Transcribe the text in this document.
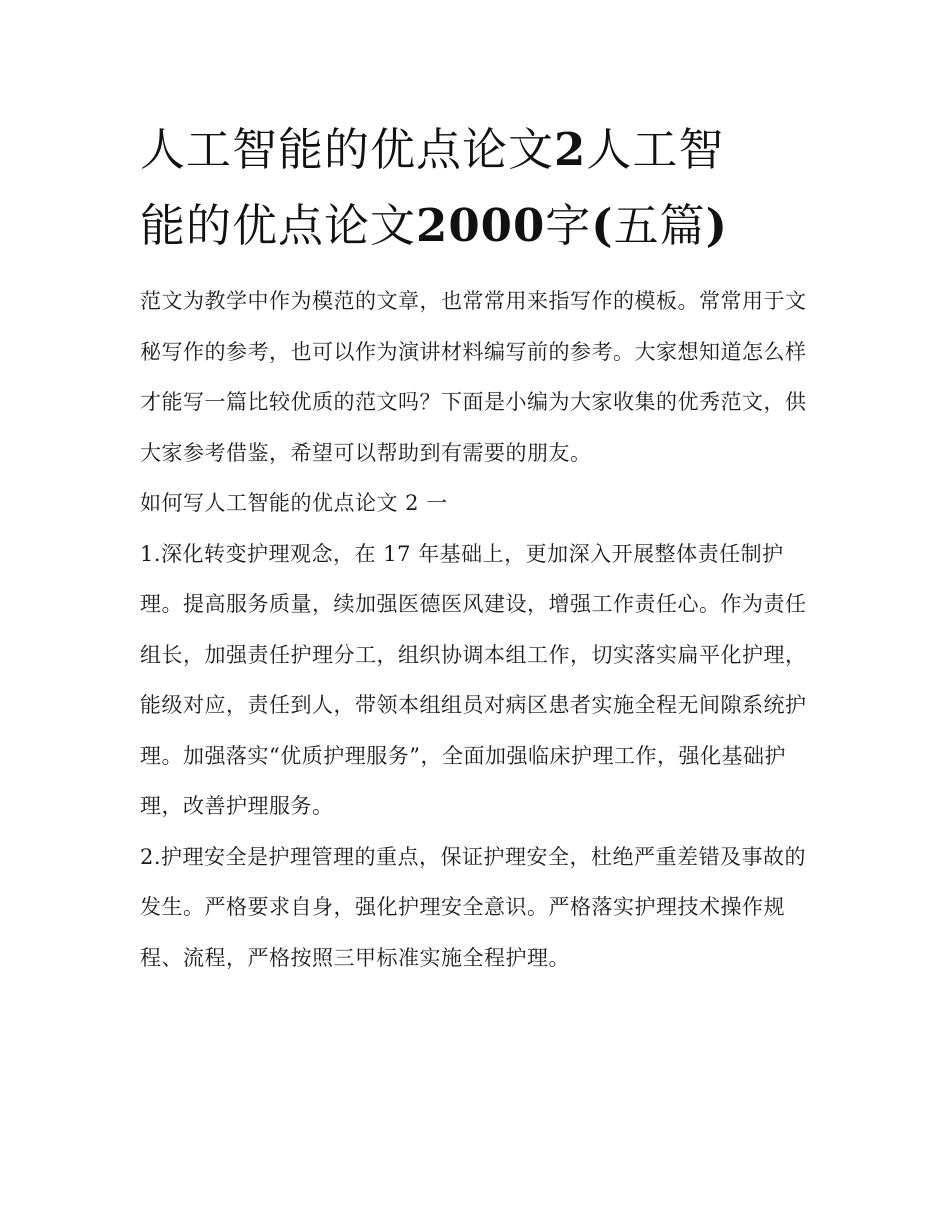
人工智能的优点论文2人工智
能的优点论文2000字(五篇)

范文为教学中作为模范的文章，也常常用来指写作的模板。常常用于文秘写作的参考，也可以作为演讲材料编写前的参考。大家想知道怎么样才能写一篇比较优质的范文吗？下面是小编为大家收集的优秀范文，供大家参考借鉴，希望可以帮助到有需要的朋友。

如何写人工智能的优点论文 2 一

1.深化转变护理观念，在 17 年基础上，更加深入开展整体责任制护理。提高服务质量，续加强医德医风建设，增强工作责任心。作为责任组长，加强责任护理分工，组织协调本组工作，切实落实扁平化护理，能级对应，责任到人，带领本组组员对病区患者实施全程无间隙系统护理。加强落实“优质护理服务”，全面加强临床护理工作，强化基础护理，改善护理服务。

2.护理安全是护理管理的重点，保证护理安全，杜绝严重差错及事故的发生。严格要求自身，强化护理安全意识。严格落实护理技术操作规程、流程，严格按照三甲标准实施全程护理。
